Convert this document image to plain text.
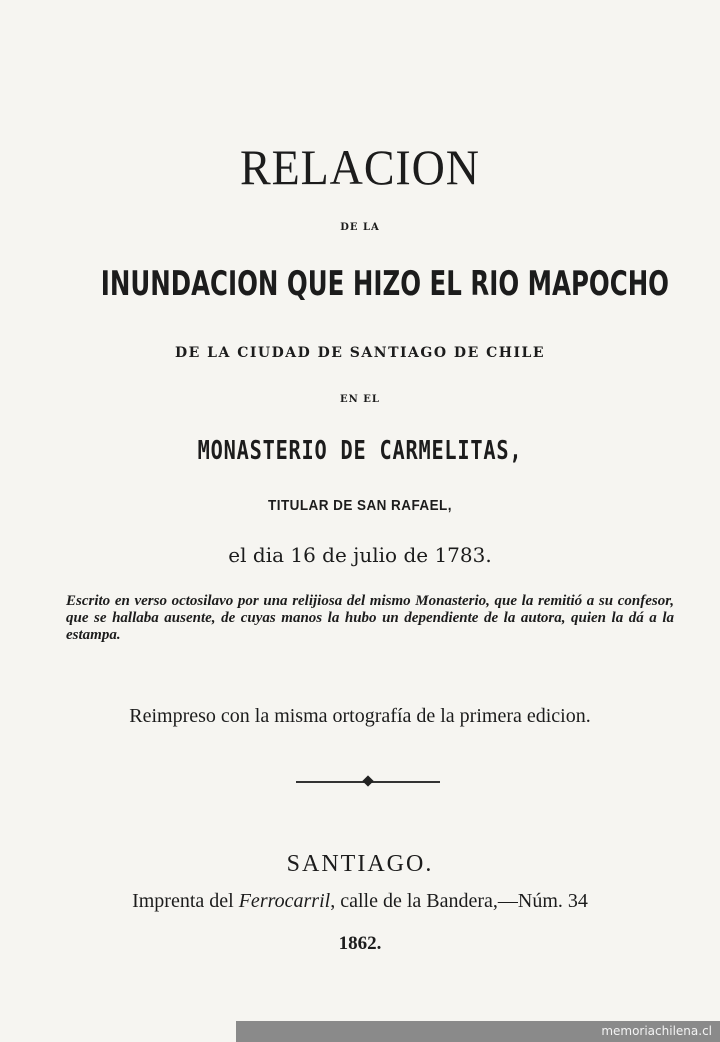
RELACION
DE LA
INUNDACION QUE HIZO EL RIO MAPOCHO
DE LA CIUDAD DE SANTIAGO DE CHILE
EN EL
MONASTERIO DE CARMELITAS,
TITULAR DE SAN RAFAEL,
el dia 16 de julio de 1783.
Escrito en verso octosilavo por una relijiosa del mismo Monasterio, que la remitió a su confesor, que se hallaba ausente, de cuyas manos la hubo un dependiente de la autora, quien la dá a la estampa.
Reimpreso con la misma ortografía de la primera edicion.
SANTIAGO.
Imprenta del Ferrocarril, calle de la Bandera,—Núm. 34
1862.
memoriachilena.cl
